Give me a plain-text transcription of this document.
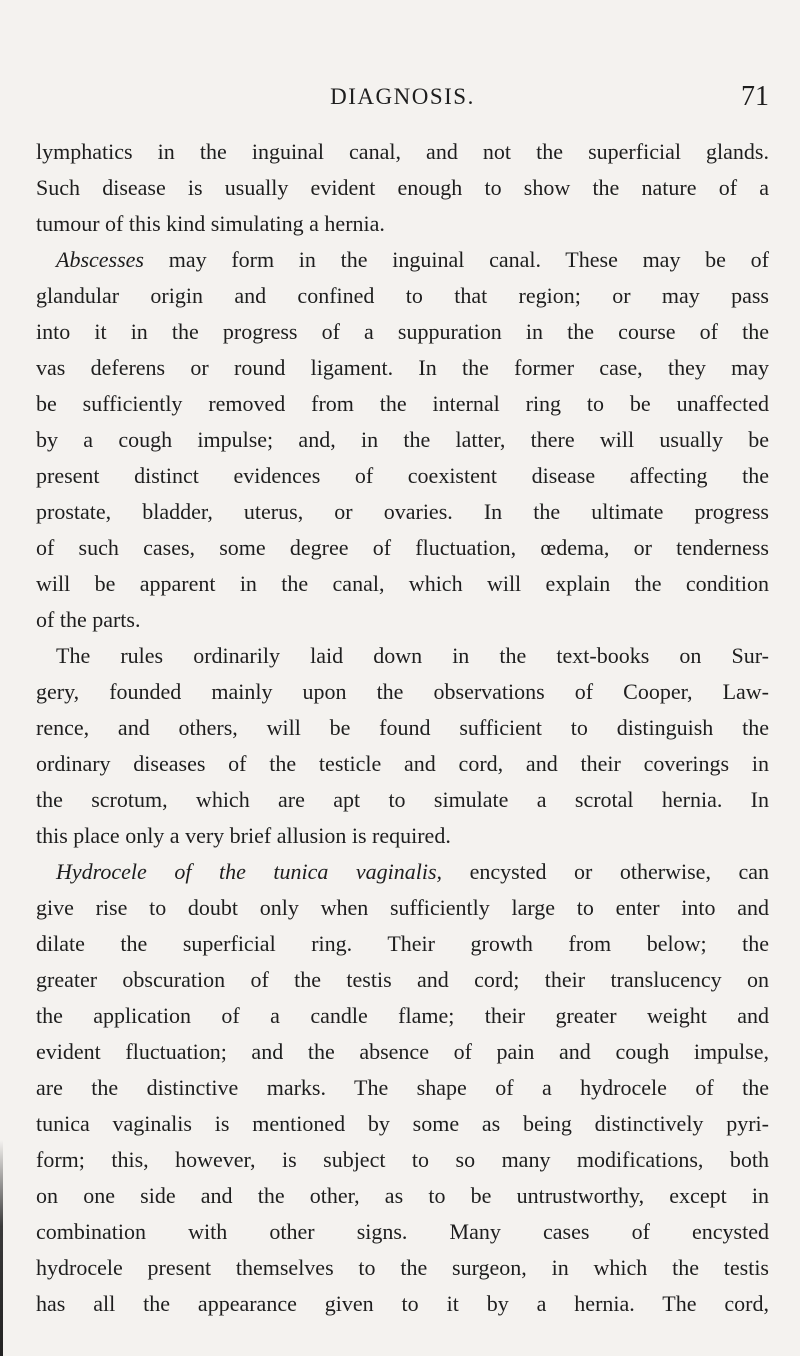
DIAGNOSIS.	71
lymphatics in the inguinal canal, and not the superficial glands.
Such disease is usually evident enough to show the nature of a
tumour of this kind simulating a hernia.
Abscesses may form in the inguinal canal. These may be of
glandular origin and confined to that region; or may pass
into it in the progress of a suppuration in the course of the
vas deferens or round ligament. In the former case, they may
be sufficiently removed from the internal ring to be unaffected
by a cough impulse; and, in the latter, there will usually be
present distinct evidences of coexistent disease affecting the
prostate, bladder, uterus, or ovaries. In the ultimate progress
of such cases, some degree of fluctuation, œdema, or tenderness
will be apparent in the canal, which will explain the condition
of the parts.
The rules ordinarily laid down in the text-books on Sur-
gery, founded mainly upon the observations of Cooper, Law-
rence, and others, will be found sufficient to distinguish the
ordinary diseases of the testicle and cord, and their coverings in
the scrotum, which are apt to simulate a scrotal hernia. In
this place only a very brief allusion is required.
Hydrocele of the tunica vaginalis, encysted or otherwise, can
give rise to doubt only when sufficiently large to enter into and
dilate the superficial ring. Their growth from below; the
greater obscuration of the testis and cord; their translucency on
the application of a candle flame; their greater weight and
evident fluctuation; and the absence of pain and cough impulse,
are the distinctive marks. The shape of a hydrocele of the
tunica vaginalis is mentioned by some as being distinctively pyri-
form; this, however, is subject to so many modifications, both
on one side and the other, as to be untrustworthy, except in
combination with other signs. Many cases of encysted
hydrocele present themselves to the surgeon, in which the testis
has all the appearance given to it by a hernia. The cord,
